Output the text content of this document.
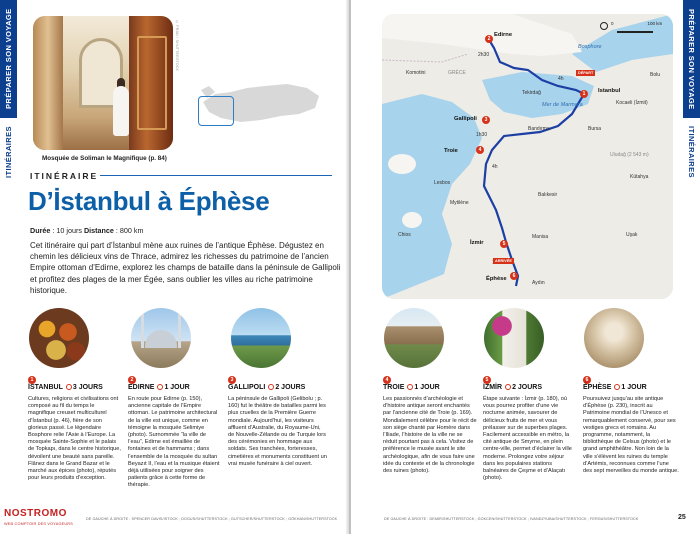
PRÉPARER SON VOYAGE
ITINÉRAIRES
© FRAN / SHUTTERSTOCK
Mosquée de Soliman le Magnifique (p. 84)
ITINÉRAIRE
D’İstanbul à Éphèse
Durée : 10 jours Distance : 800 km
Cet itinéraire qui part d’İstanbul mène aux ruines de l’antique Éphèse. Dégustez en chemin les délicieux vins de Thrace, admirez les richesses du patrimoine de l’ancien Empire ottoman d’Edirne, explorez les champs de bataille dans la péninsule de Gallipoli et profitez des plages de la mer Égée, sans oublier les villes au riche patrimoine historique.
1
İSTANBUL 3 JOURS
Cultures, religions et civilisations ont composé au fil du temps le magnifique creuset multiculturel d’İstanbul (p. 46), fière de son glorieux passé. Le légendaire Bosphore relie l’Asie à l’Europe. La mosquée Sainte-Sophie et le palais de Topkapı, dans le centre historique, dévoilent une beauté sans pareille. Flânez dans le Grand Bazar et le marché aux épices (photo), réputés pour leurs produits d’exception.
2
EDIRNE 1 JOUR
En route pour Edirne (p. 150), ancienne capitale de l’Empire ottoman. Le patrimoine architectural de la ville est unique, comme en témoigne la mosquée Selimiye (photo). Surnommée “la ville de l’eau”, Edirne est émaillée de fontaines et de hammams ; dans l’ensemble de la mosquée du sultan Beyazıt II, l’eau et la musique étaient déjà utilisées pour soigner des patients grâce à cette forme de thérapie.
3
GALLIPOLI 2 JOURS
La péninsule de Gallipoli (Gelibolu ; p. 160) fut le théâtre de batailles parmi les plus cruelles de la Première Guerre mondiale. Aujourd’hui, les visiteurs affluent d’Australie, du Royaume-Uni, de Nouvelle-Zélande ou de Turquie lors des cérémonies en hommage aux soldats. Ses tranchées, forteresses, cimetières et monuments constituent un vrai musée funéraire à ciel ouvert.
DE GAUCHE À DROITE : SPENCER DAVIS/ISTOCK ; DOGUS/SHUTTERSTOCK ; GUTSCHER/SHUTTERSTOCK ; GÖKHAN/SHUTTERSTOCK
NOSTROMO
WEB COMPTOIR DES VOYAGEURS
PRÉPARER SON VOYAGE
ITINÉRAIRES
Edirne
Bosphore
Komotini	GRÈCE
Istanbul
Kocaeli (İzmit)
Tekirdağ
Gallipoli
Mer de Marmara
Bandırma	Bursa
Troie
Uludağ (2 543 m)
Lesbos
Kütahya
Mytilène
Balıkesir
Chios
İzmir
Manisa	Uşak
Éphèse
Aydın
Bolu
2h30
4h
1h30
4h
2
1
3
4
5
6
0	100 km
DÉPART
ARRIVÉE
4
TROIE 1 JOUR
Les passionnés d’archéologie et d’histoire antique seront enchantés par l’ancienne cité de Troie (p. 169). Mondialement célèbre pour le récit de son siège chanté par Homère dans l’Iliade, l’histoire de la ville ne se réduit pourtant pas à cela. Visitez de préférence le musée avant le site archéologique, afin de vous faire une idée du contexte et de la chronologie des ruines (photo).
5
İZMİR 2 JOURS
Étape suivante : İzmir (p. 180), où vous pourrez profiter d’une vie nocturne animée, savourer de délicieux fruits de mer et vous prélasser sur de superbes plages. Facilement accessible en métro, la cité antique de Smyrne, en plein centre-ville, permet d’éclairer la ville moderne. Prolongez votre séjour dans les populaires stations balnéaires de Çeşme et d’Alaçatı (photo).
6
ÉPHÈSE 1 JOUR
Poursuivez jusqu’au site antique d’Éphèse (p. 230), inscrit au Patrimoine mondial de l’Unesco et remarquablement conservé, pour ses vestiges grecs et romains. Au programme, notamment, la bibliothèque de Celsus (photo) et le grand amphithéâtre. Non loin de la ville s’élèvent les ruines du temple d’Artémis, reconnues comme l’une des sept merveilles du monde antique.
DE GAUCHE À DROITE : DEMIR/SHUTTERSTOCK ; GOKCEN/SHUTTERSTOCK ; IVANDZYUBA/SHUTTERSTOCK ; FERGUS/SHUTTERSTOCK	25
